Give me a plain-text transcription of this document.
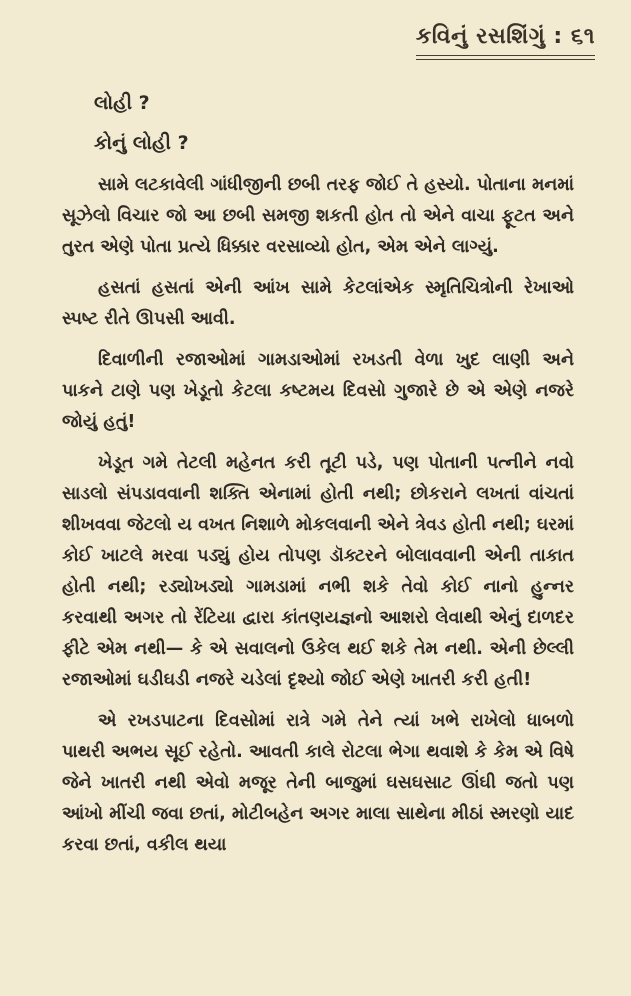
કવિનું રસશિંગું : ૬૧

લોહી ?

કોનું લોહી ?

સામે લટકાવેલી ગાંધીજીની છબી તરફ જોઈ તે હસ્યો. પોતાના મનમાં સૂઝેલો વિચાર જો આ છબી સમજી શકતી હોત તો એને વાચા ફૂટત અને તુરત એણે પોતા પ્રત્યે ધિક્કાર વરસાવ્યો હોત, એમ એને લાગ્યું.

હસતાં હસતાં એની આંખ સામે કેટલાંએક સ્મૃતિચિત્રોની રેખાઓ સ્પષ્ટ રીતે ઊપસી આવી.

દિવાળીની રજાઓમાં ગામડાઓમાં રખડતી વેળા ખુદ લાણી અને પાકને ટાણે પણ ખેડૂતો કેટલા કષ્ટમય દિવસો ગુજારે છે એ એણે નજરે જોયું હતું!

ખેડૂત ગમે તેટલી મહેનત કરી તૂટી પડે, પણ પોતાની પત્નીને નવો સાડલો સંપડાવવાની શક્તિ એનામાં હોતી નથી; છોકરાને લખતાં વાંચતાં શીખવવા જેટલો ય વખત નિશાળે મોકલવાની એને ત્રેવડ હોતી નથી; ઘરમાં કોઈ ખાટલે મરવા પડ્યું હોય તોપણ ડૉક્ટરને બોલાવવાની એની તાકાત હોતી નથી; રડ્યોખડ્યો ગામડામાં નભી શકે તેવો કોઈ નાનો હુન્નર કરવાથી અગર તો રેંટિયા દ્વારા કાંતણયજ્ઞનો આશરો લેવાથી એનું દાળદર ફીટે એમ નથી— કે એ સવાલનો ઉકેલ થઈ શકે તેમ નથી. એની છેલ્લી રજાઓમાં ઘડીઘડી નજરે ચડેલાં દૃશ્યો જોઈ એણે ખાતરી કરી હતી!

એ રખડપાટના દિવસોમાં રાત્રે ગમે તેને ત્યાં ખભે રાખેલો ધાબળો પાથરી અભય સૂઈ રહેતો. આવતી કાલે રોટલા ભેગા થવાશે કે કેમ એ વિષે જેને ખાતરી નથી એવો મજૂર તેની બાજુમાં ઘસઘસાટ ઊંઘી જતો પણ આંખો મીંચી જવા છતાં, મોટીબહેન અગર માલા સાથેના મીઠાં સ્મરણો યાદ કરવા છતાં, વકીલ થયા
